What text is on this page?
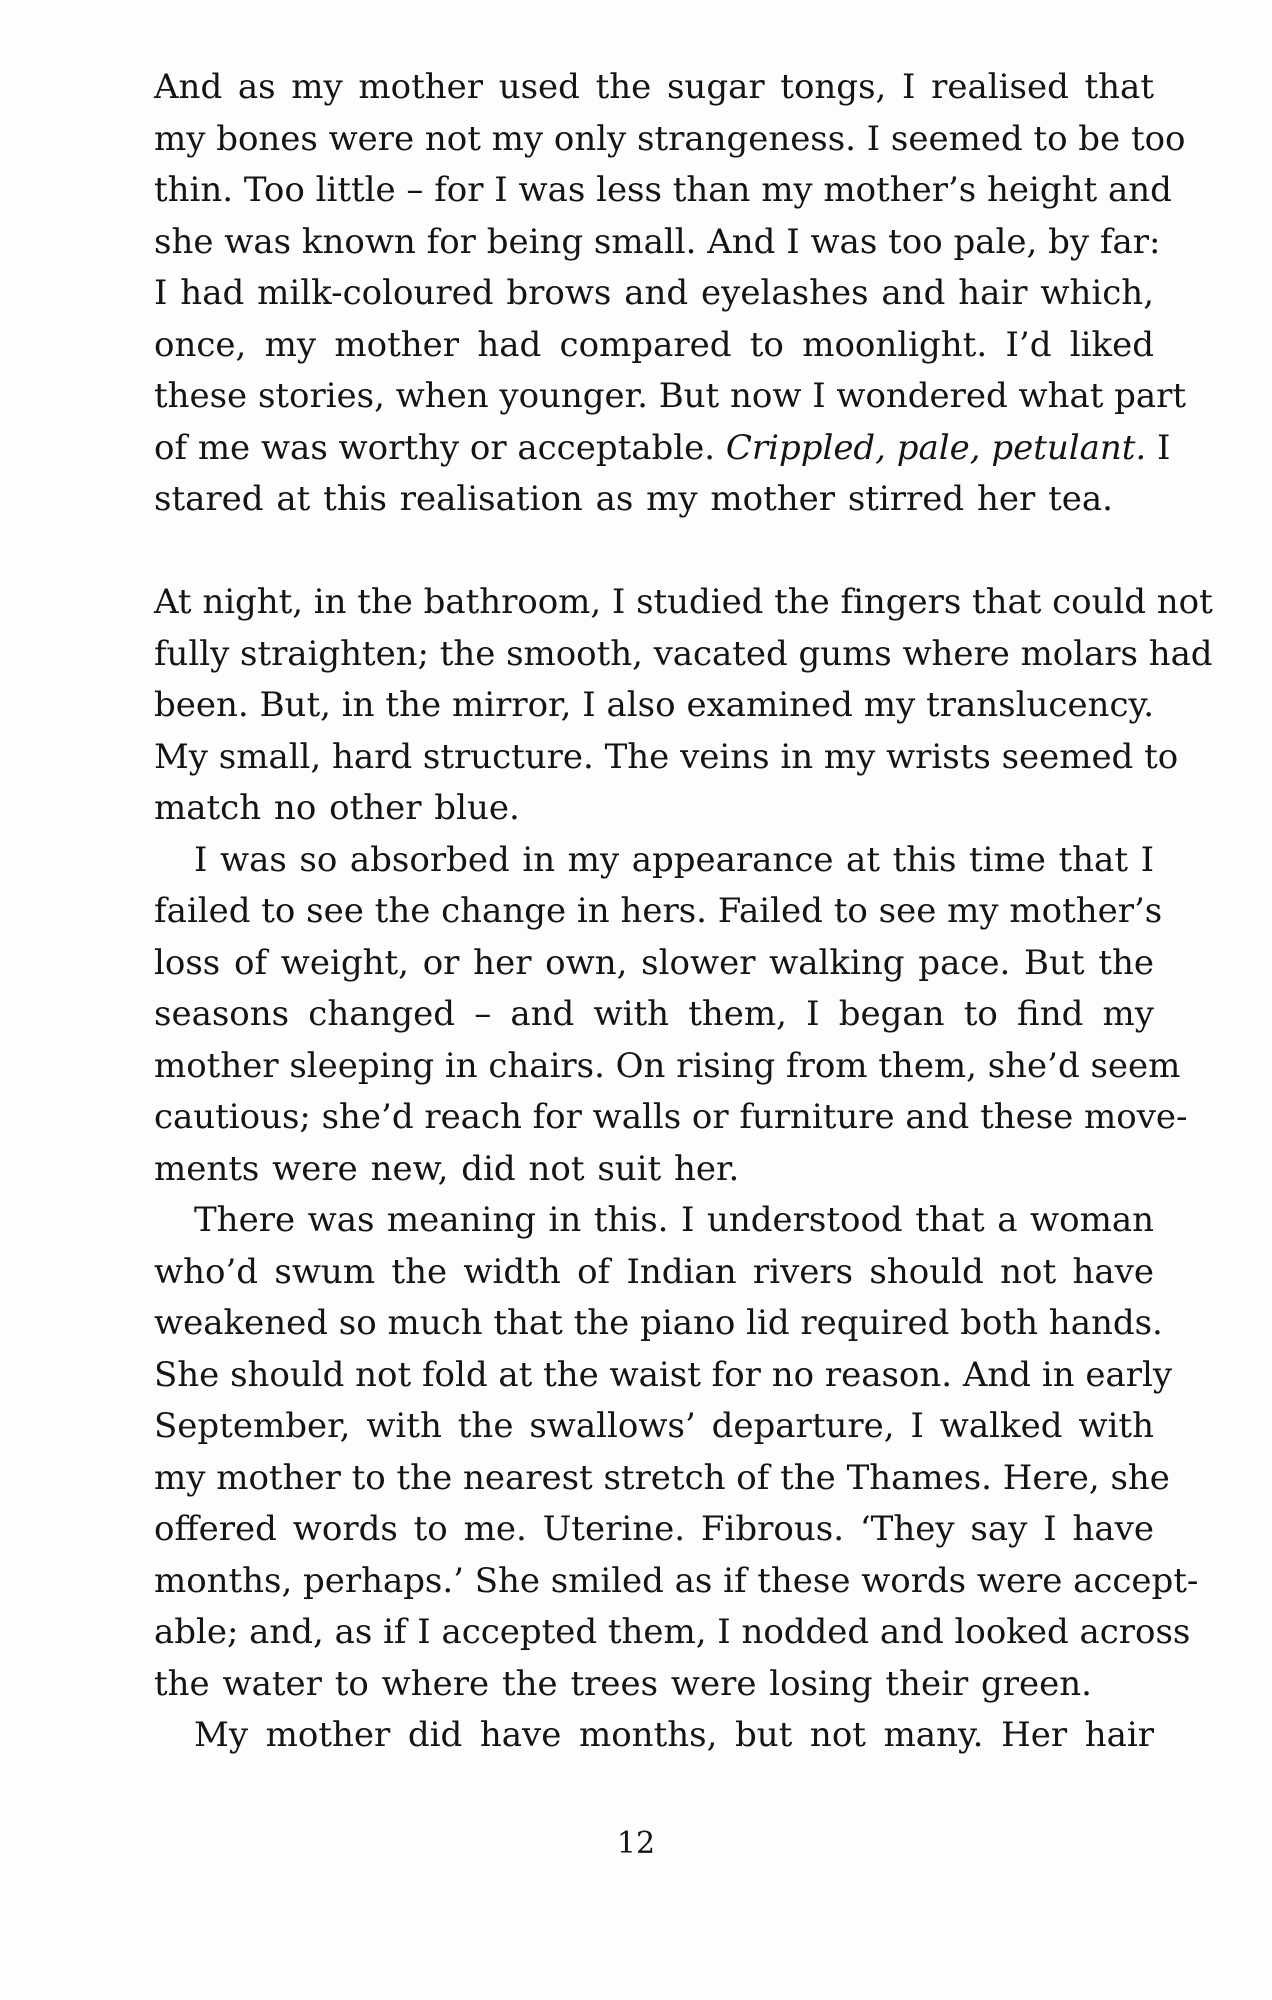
And as my mother used the sugar tongs, I realised that
my bones were not my only strangeness. I seemed to be too
thin. Too little – for I was less than my mother’s height and
she was known for being small. And I was too pale, by far:
I had milk-coloured brows and eyelashes and hair which,
once, my mother had compared to moonlight. I’d liked
these stories, when younger. But now I wondered what part
of me was worthy or acceptable. Crippled, pale, petulant. I
stared at this realisation as my mother stirred her tea.

At night, in the bathroom, I studied the fingers that could not
fully straighten; the smooth, vacated gums where molars had
been. But, in the mirror, I also examined my translucency.
My small, hard structure. The veins in my wrists seemed to
match no other blue.

I was so absorbed in my appearance at this time that I
failed to see the change in hers. Failed to see my mother’s
loss of weight, or her own, slower walking pace. But the
seasons changed – and with them, I began to find my
mother sleeping in chairs. On rising from them, she’d seem
cautious; she’d reach for walls or furniture and these move-
ments were new, did not suit her.

There was meaning in this. I understood that a woman
who’d swum the width of Indian rivers should not have
weakened so much that the piano lid required both hands.
She should not fold at the waist for no reason. And in early
September, with the swallows’ departure, I walked with
my mother to the nearest stretch of the Thames. Here, she
offered words to me. Uterine. Fibrous. ‘They say I have
months, perhaps.’ She smiled as if these words were accept-
able; and, as if I accepted them, I nodded and looked across
the water to where the trees were losing their green.

My mother did have months, but not many. Her hair

12
